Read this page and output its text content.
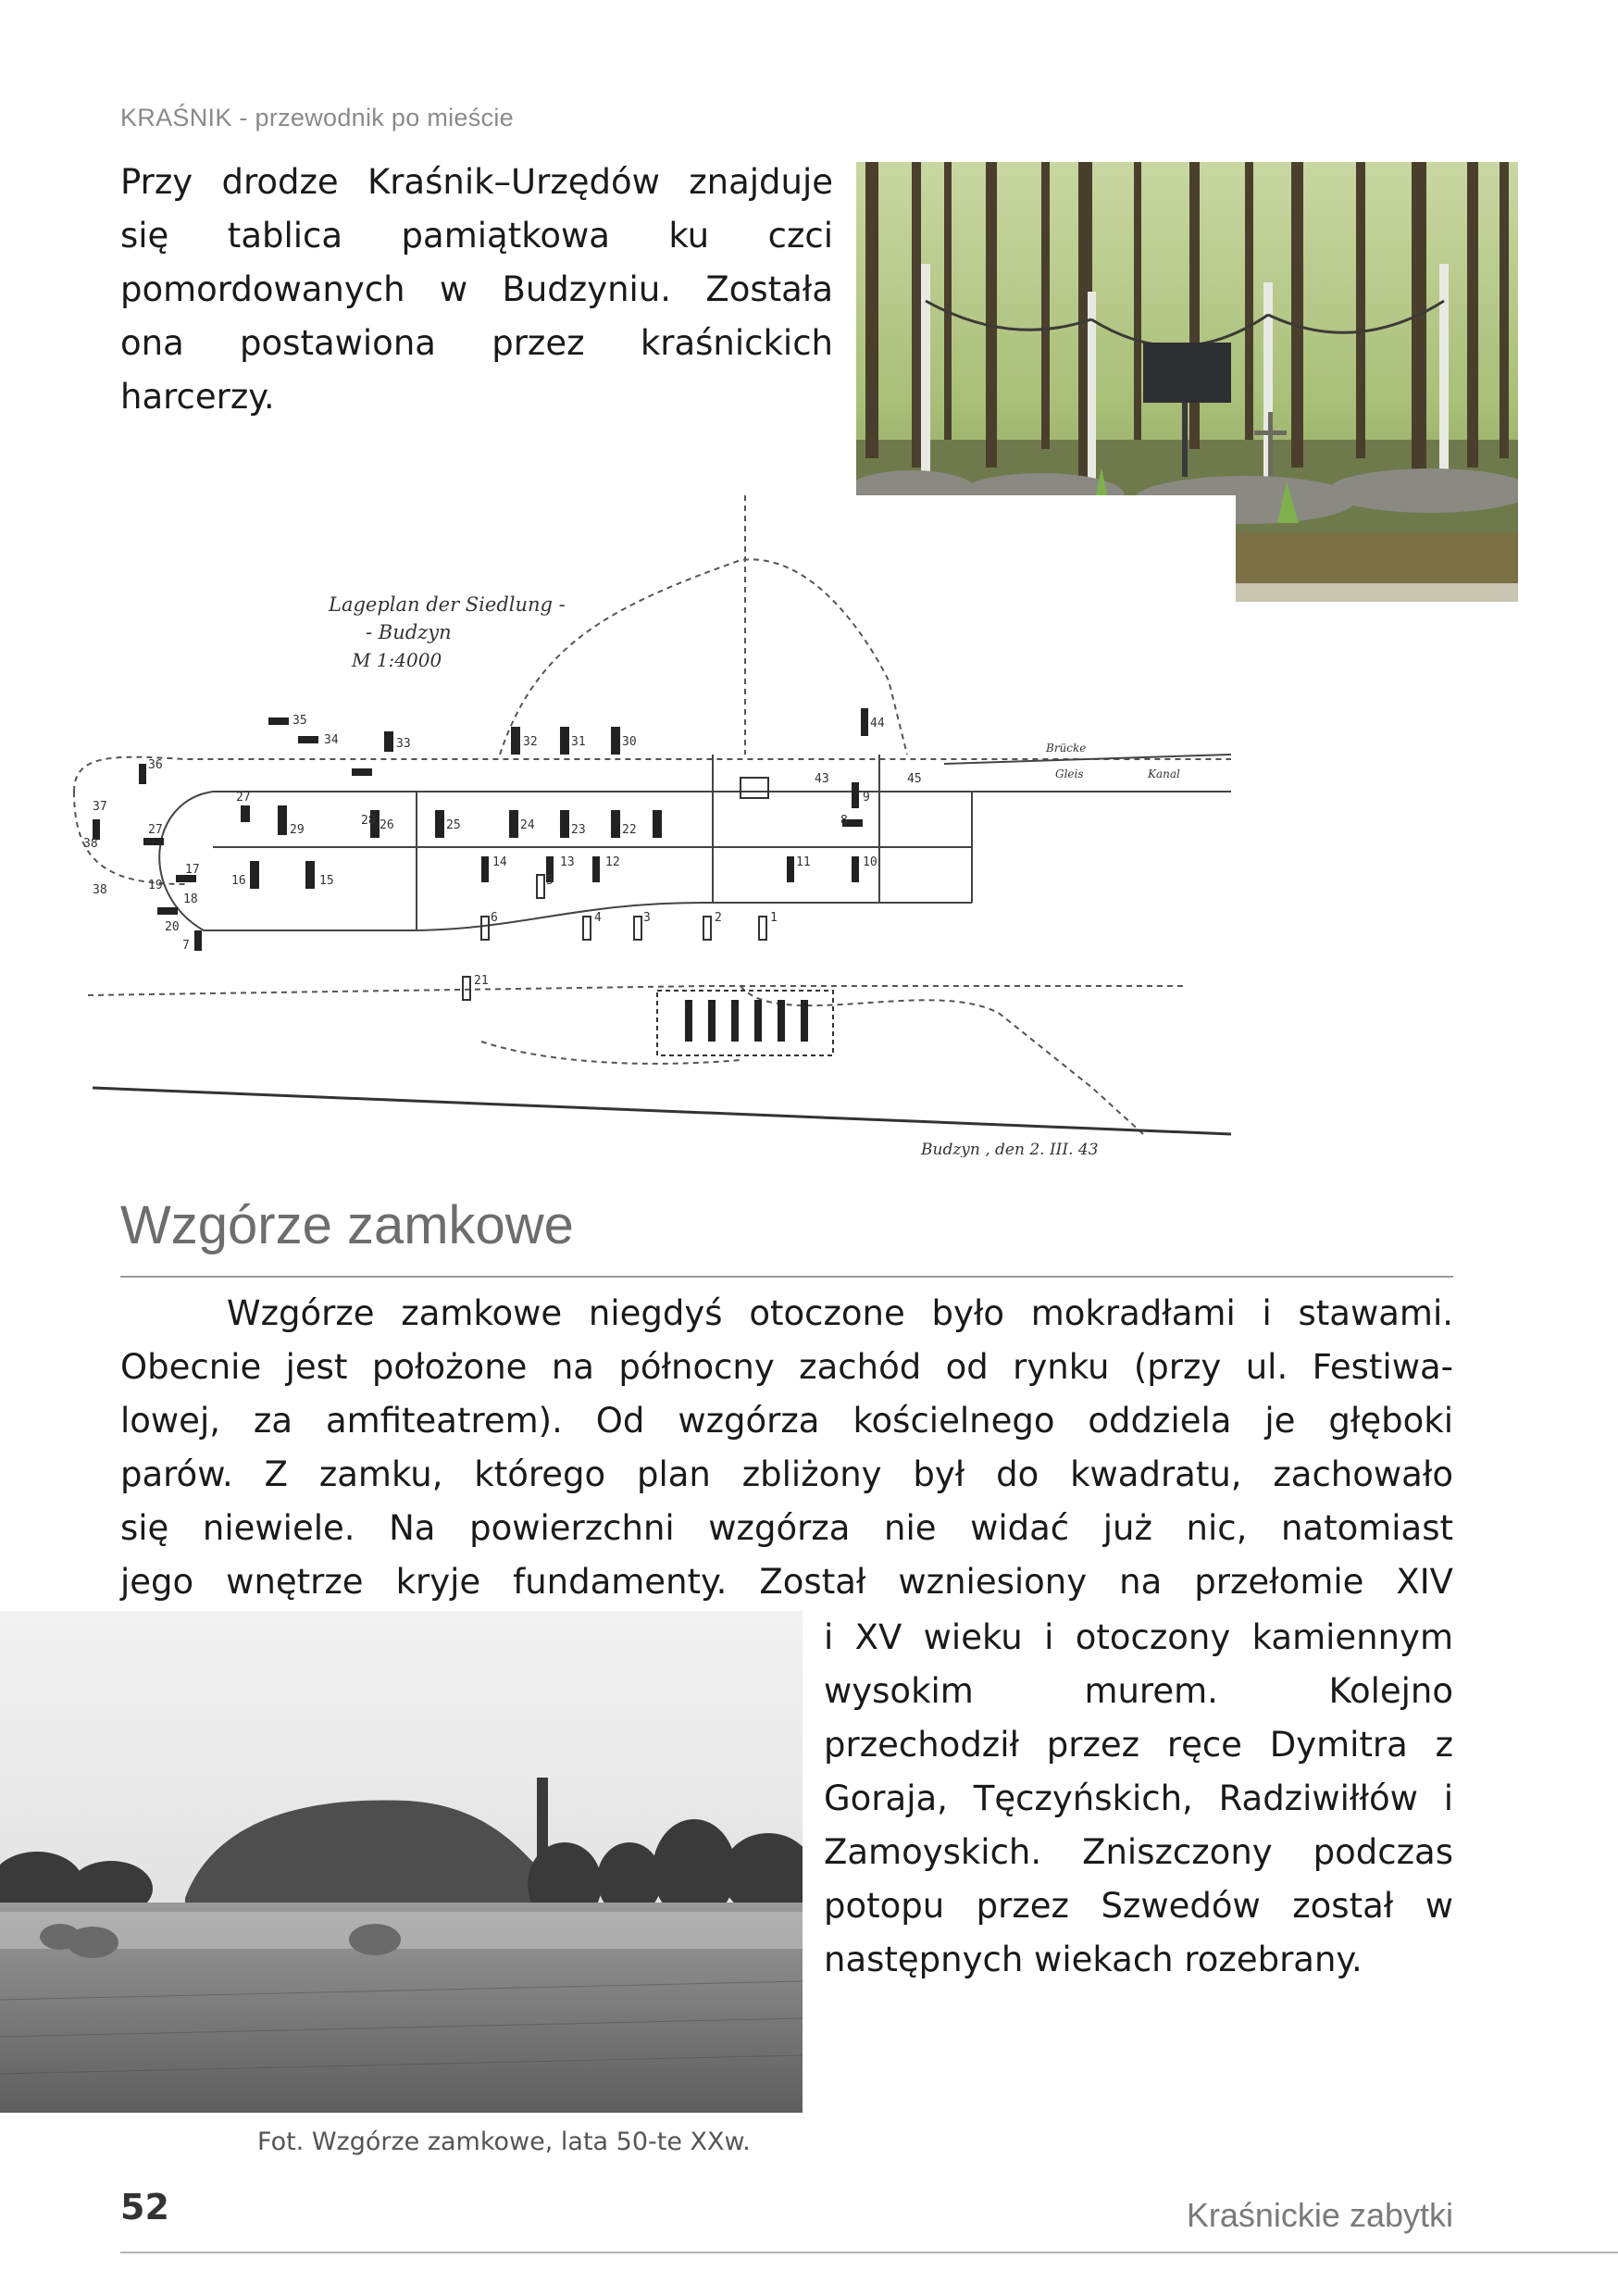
KRAŚNIK - przewodnik po mieście

Przy drodze Kraśnik–Urzędów znajduje się tablica pamiątkowa ku czci pomordowanych w Budzyniu. Została ona postawiona przez kraśnickich harcerzy.

35
34	33	32	31	30
29
28 26	25	24	23	22
16	15
14	13	12	11	10
9
8
44
43	45
17
18
19
20
7
27
37
38
38
36
27
6
5
4	3	2	1
21
Lageplan der Siedlung -
- Budzyn
M 1:4000
Budzyn , den 2. III. 43
Brücke
Gleis	Kanal
Wzgórze zamkowe

Wzgórze zamkowe niegdyś otoczone było mokradłami i stawami.
Obecnie jest położone na północny zachód od rynku (przy ul. Festiwa-
lowej, za amfiteatrem). Od wzgórza kościelnego oddziela je głęboki
parów. Z zamku, którego plan zbliżony był do kwadratu, zachowało
się niewiele. Na powierzchni wzgórza nie widać już nic, natomiast
jego wnętrze kryje fundamenty. Został wzniesiony na przełomie XIV

i XV wieku i otoczony kamiennym wysokim murem. Kolejno przechodził przez ręce Dymitra z Goraja, Tęczyńskich, Radziwiłłów i Zamoyskich. Zniszczony podczas potopu przez Szwedów został w następnych wiekach rozebrany.

Fot. Wzgórze zamkowe, lata 50-te XXw.
52	Kraśnickie zabytki
